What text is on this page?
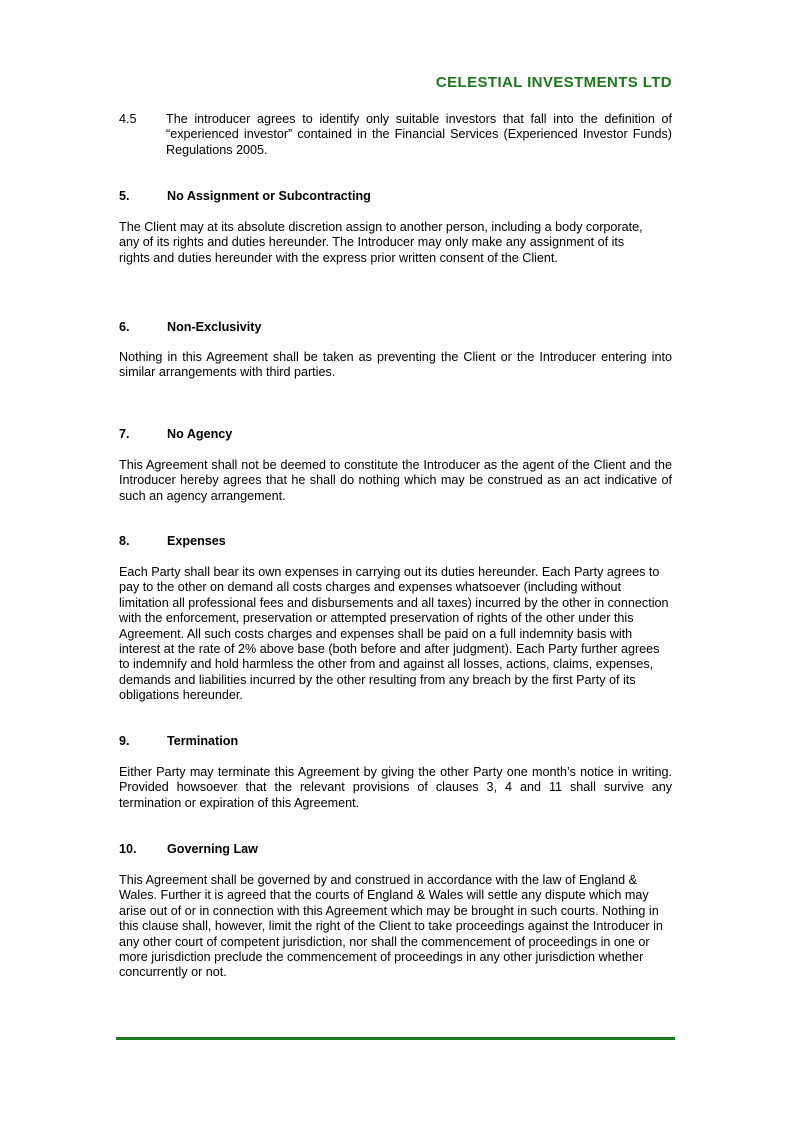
CELESTIAL INVESTMENTS LTD
4.5	The introducer agrees to identify only suitable investors that fall into the definition of “experienced investor” contained in the Financial Services (Experienced Investor Funds) Regulations 2005.
5.	No Assignment or Subcontracting
The Client may at its absolute discretion assign to another person, including a body corporate, any of its rights and duties hereunder. The Introducer may only make any assignment of its rights and duties hereunder with the express prior written consent of the Client.
6.	Non-Exclusivity
Nothing in this Agreement shall be taken as preventing the Client or the Introducer entering into similar arrangements with third parties.
7.	No Agency
This Agreement shall not be deemed to constitute the Introducer as the agent of the Client and the Introducer hereby agrees that he shall do nothing which may be construed as an act indicative of such an agency arrangement.
8.	Expenses
Each Party shall bear its own expenses in carrying out its duties hereunder. Each Party agrees to pay to the other on demand all costs charges and expenses whatsoever (including without limitation all professional fees and disbursements and all taxes) incurred by the other in connection with the enforcement, preservation or attempted preservation of rights of the other under this Agreement. All such costs charges and expenses shall be paid on a full indemnity basis with interest at the rate of 2% above base (both before and after judgment). Each Party further agrees to indemnify and hold harmless the other from and against all losses, actions, claims, expenses, demands and liabilities incurred by the other resulting from any breach by the first Party of its obligations hereunder.
9.	Termination
Either Party may terminate this Agreement by giving the other Party one month’s notice in writing. Provided howsoever that the relevant provisions of clauses 3, 4 and 11 shall survive any termination or expiration of this Agreement.
10.	Governing Law
This Agreement shall be governed by and construed in accordance with the law of England & Wales. Further it is agreed that the courts of England & Wales will settle any dispute which may arise out of or in connection with this Agreement which may be brought in such courts. Nothing in this clause shall, however, limit the right of the Client to take proceedings against the Introducer in any other court of competent jurisdiction, nor shall the commencement of proceedings in one or more jurisdiction preclude the commencement of proceedings in any other jurisdiction whether concurrently or not.
